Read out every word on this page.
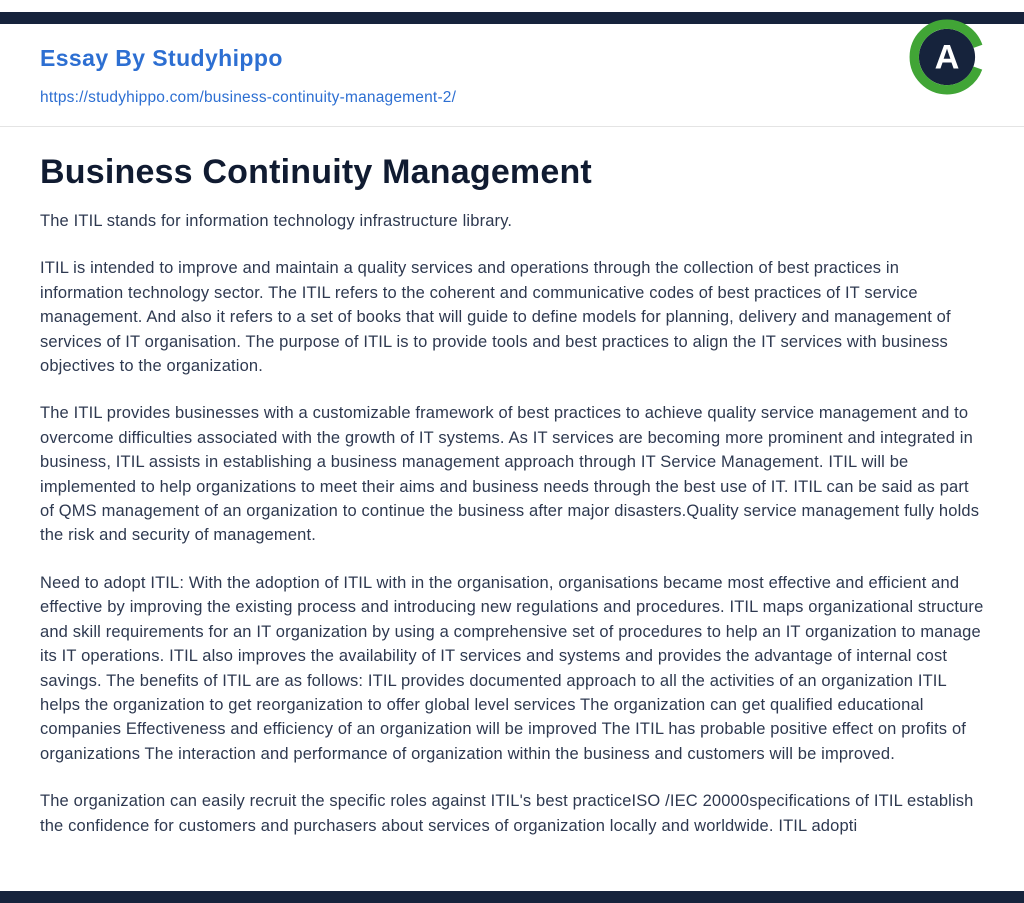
Essay By Studyhippo
https://studyhippo.com/business-continuity-management-2/
A
Business Continuity Management

The ITIL stands for information technology infrastructure library.

ITIL is intended to improve and maintain a quality services and operations through the collection of best practices in information technology sector. The ITIL refers to the coherent and communicative codes of best practices of IT service management. And also it refers to a set of books that will guide to define models for planning, delivery and management of services of IT organisation. The purpose of ITIL is to provide tools and best practices to align the IT services with business objectives to the organization.

The ITIL provides businesses with a customizable framework of best practices to achieve quality service management and to overcome difficulties associated with the growth of IT systems. As IT services are becoming more prominent and integrated in business, ITIL assists in establishing a business management approach through IT Service Management. ITIL will be implemented to help organizations to meet their aims and business needs through the best use of IT. ITIL can be said as part of QMS management of an organization to continue the business after major disasters.Quality service management fully holds the risk and security of management.

Need to adopt ITIL: With the adoption of ITIL with in the organisation, organisations became most effective and efficient and effective by improving the existing process and introducing new regulations and procedures. ITIL maps organizational structure and skill requirements for an IT organization by using a comprehensive set of procedures to help an IT organization to manage its IT operations. ITIL also improves the availability of IT services and systems and provides the advantage of internal cost savings. The benefits of ITIL are as follows: ITIL provides documented approach to all the activities of an organization ITIL helps the organization to get reorganization to offer global level services The organization can get qualified educational companies Effectiveness and efficiency of an organization will be improved The ITIL has probable positive effect on profits of organizations The interaction and performance of organization within the business and customers will be improved.

The organization can easily recruit the specific roles against ITIL's best practiceISO /IEC 20000specifications of ITIL establish the confidence for customers and purchasers about services of organization locally and worldwide. ITIL adopti
